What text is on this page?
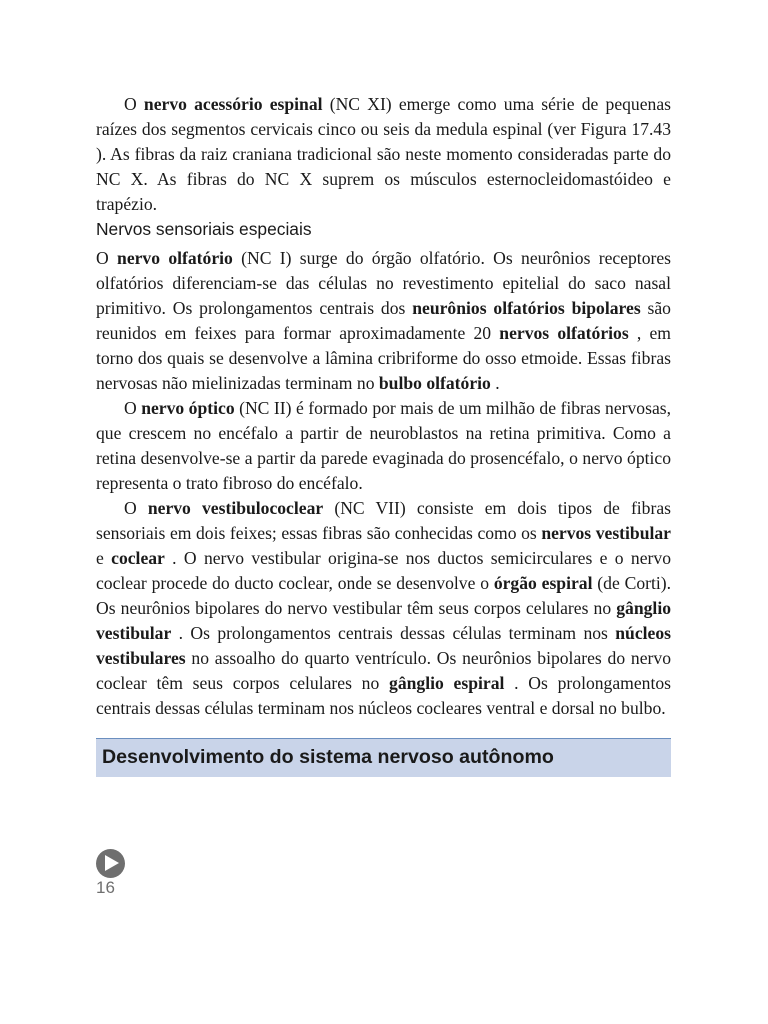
O nervo acessório espinal (NC XI) emerge como uma série de pequenas raízes dos segmentos cervicais cinco ou seis da medula espinal (ver Figura 17.43 ). As fibras da raiz craniana tradicional são neste momento consideradas parte do NC X. As fibras do NC X suprem os músculos esternocleidomastóideo e trapézio.

Nervos sensoriais especiais

O nervo olfatório (NC I) surge do órgão olfatório. Os neurônios receptores olfatórios diferenciam-se das células no revestimento epitelial do saco nasal primitivo. Os prolongamentos centrais dos neurônios olfatórios bipolares são reunidos em feixes para formar aproximadamente 20 nervos olfatórios , em torno dos quais se desenvolve a lâmina cribriforme do osso etmoide. Essas fibras nervosas não mielinizadas terminam no bulbo olfatório .

O nervo óptico (NC II) é formado por mais de um milhão de fibras nervosas, que crescem no encéfalo a partir de neuroblastos na retina primitiva. Como a retina desenvolve-se a partir da parede evaginada do prosencéfalo, o nervo óptico representa o trato fibroso do encéfalo.

O nervo vestibulococlear (NC VII) consiste em dois tipos de fibras sensoriais em dois feixes; essas fibras são conhecidas como os nervos vestibular e coclear . O nervo vestibular origina-se nos ductos semicirculares e o nervo coclear procede do ducto coclear, onde se desenvolve o órgão espiral (de Corti). Os neurônios bipolares do nervo vestibular têm seus corpos celulares no gânglio vestibular . Os prolongamentos centrais dessas células terminam nos núcleos vestibulares no assoalho do quarto ventrículo. Os neurônios bipolares do nervo coclear têm seus corpos celulares no gânglio espiral . Os prolongamentos centrais dessas células terminam nos núcleos cocleares ventral e dorsal no bulbo.

Desenvolvimento do sistema nervoso autônomo
16
